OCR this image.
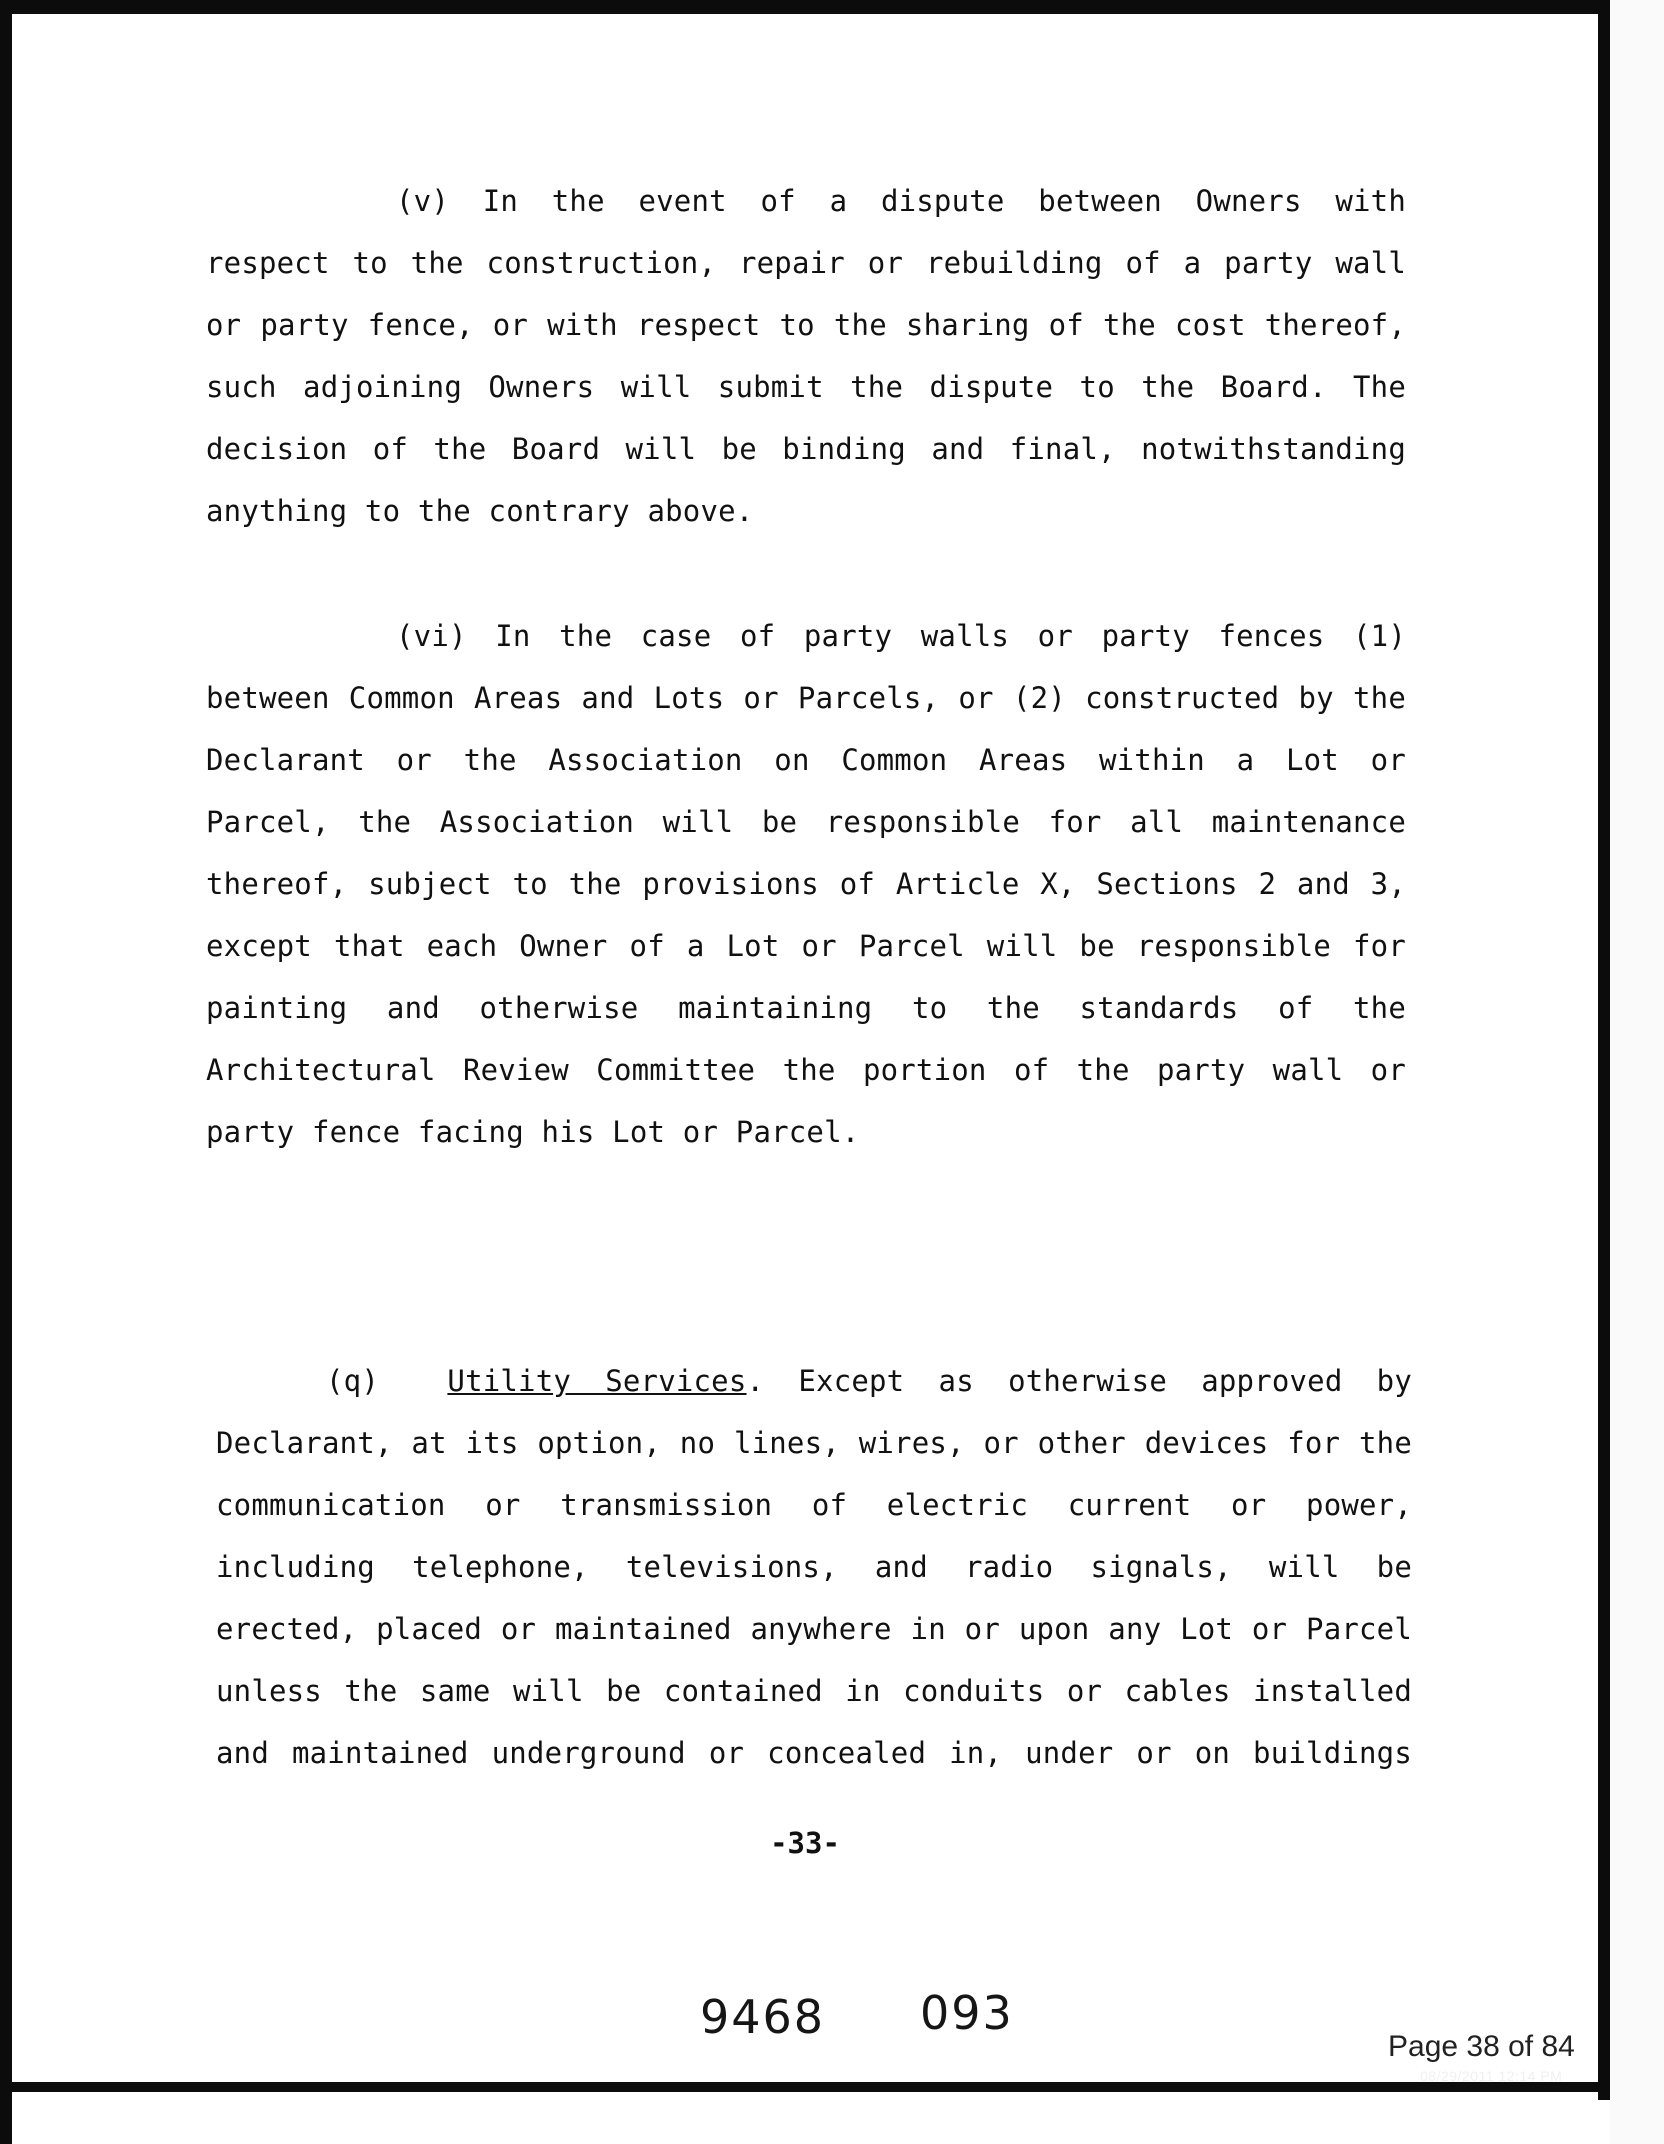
(v) In the event of a dispute between Owners with
respect to the construction, repair or rebuilding of a party wall
or party fence, or with respect to the sharing of the cost thereof,
such adjoining Owners will submit the dispute to the Board. The
decision of the Board will be binding and final, notwithstanding
anything to the contrary above.
(vi) In the case of party walls or party fences (1)
between Common Areas and Lots or Parcels, or (2) constructed by the
Declarant or the Association on Common Areas within a Lot or
Parcel, the Association will be responsible for all maintenance
thereof, subject to the provisions of Article X, Sections 2 and 3,
except that each Owner of a Lot or Parcel will be responsible for
painting and otherwise maintaining to the standards of the
Architectural Review Committee the portion of the party wall or
party fence facing his Lot or Parcel.
(q) Utility Services. Except as otherwise approved by
Declarant, at its option, no lines, wires, or other devices for the
communication or transmission of electric current or power,
including telephone, televisions, and radio signals, will be
erected, placed or maintained anywhere in or upon any Lot or Parcel
unless the same will be contained in conduits or cables installed
and maintained underground or concealed in, under or on buildings
-33-
9468 093
Page 38 of 84
08/29/2011 12:14 PM
